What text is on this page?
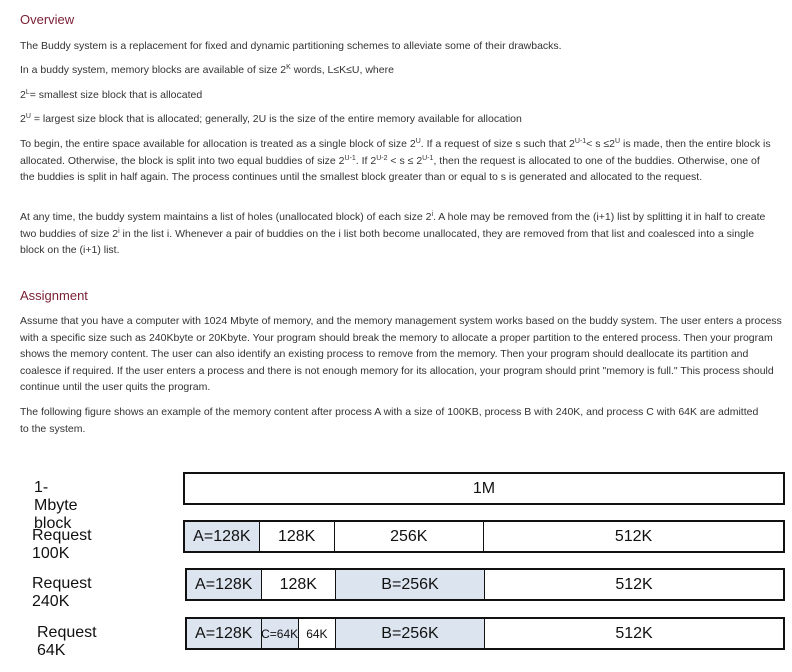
Overview

The Buddy system is a replacement for fixed and dynamic partitioning schemes to alleviate some of their drawbacks.

In a buddy system, memory blocks are available of size $2^K$ words, L≤K≤U, where

$2^L=$ smallest size block that is allocated

$2^U$ = largest size block that is allocated; generally, 2U is the size of the entire memory available for allocation

To begin, the entire space available for allocation is treated as a single block of size $2^U$. If a request of size s such that $2^{U-1}< s \le 2^U$ is made, then the entire block is allocated. Otherwise, the block is split into two equal buddies of size $2^{U-1}$. If $2^{U-2} < s \le 2^{U-1}$, then the request is allocated to one of the buddies. Otherwise, one of the buddies is split in half again. The process continues until the smallest block greater than or equal to s is generated and allocated to the request.

At any time, the buddy system maintains a list of holes (unallocated block) of each size 2$^i$. A hole may be removed from the (i+1) list by splitting it in half to create two buddies of size 2$^i$ in the list i. Whenever a pair of buddies on the i list both become unallocated, they are removed from that list and coalesced into a single block on the (i+1) list.

Assignment

Assume that you have a computer with 1024 Mbyte of memory, and the memory management system works based on the buddy system. The user enters a process with a specific size such as 240Kbyte or 20Kbyte. Your program should break the memory to allocate a proper partition to the entered process. Then your program shows the memory content. The user can also identify an existing process to remove from the memory. Then your program should deallocate its partition and coalesce if required. If the user enters a process and there is not enough memory for its allocation, your program should print "memory is full." This process should continue until the user quits the program.

The following figure shows an example of the memory content after process A with a size of 100KB, process B with 240K, and process C with 64K are admitted to the system.

1-Mbyte block
1M
Request 100K
A=128K	128K	256K	512K
Request 240K
A=128K	128K	B=256K	512K
Request 64K
A=128K C=64K 64K	B=256K	512K
